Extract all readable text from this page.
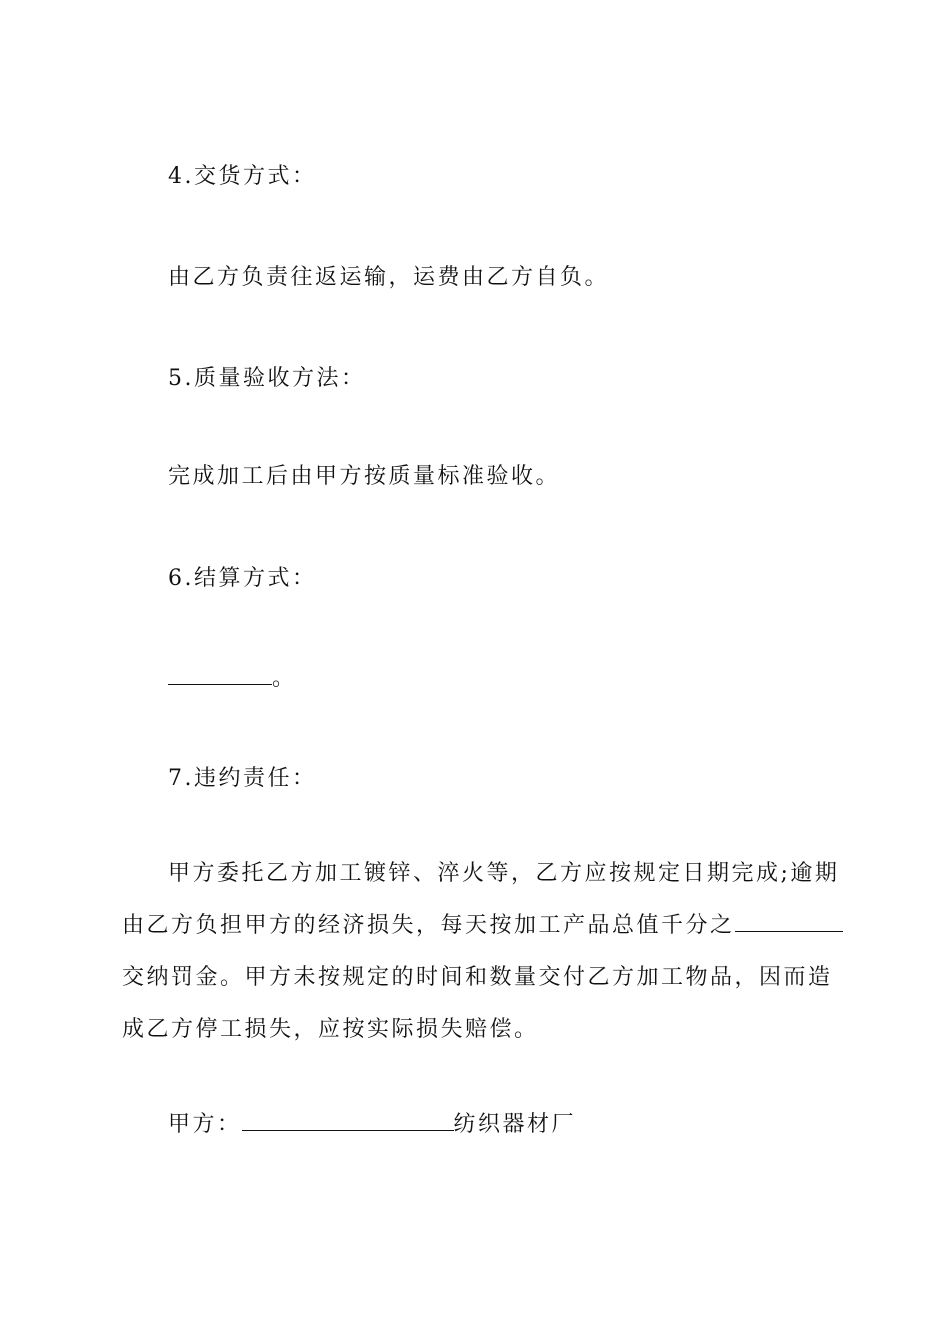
4.交货方式：
由乙方负责往返运输，运费由乙方自负。
5.质量验收方法：
完成加工后由甲方按质量标准验收。
6.结算方式：
。
7.违约责任：
甲方委托乙方加工镀锌、淬火等，乙方应按规定日期完成;逾期
由乙方负担甲方的经济损失，每天按加工产品总值千分之
交纳罚金。甲方未按规定的时间和数量交付乙方加工物品，因而造
成乙方停工损失，应按实际损失赔偿。
甲方：	纺织器材厂
